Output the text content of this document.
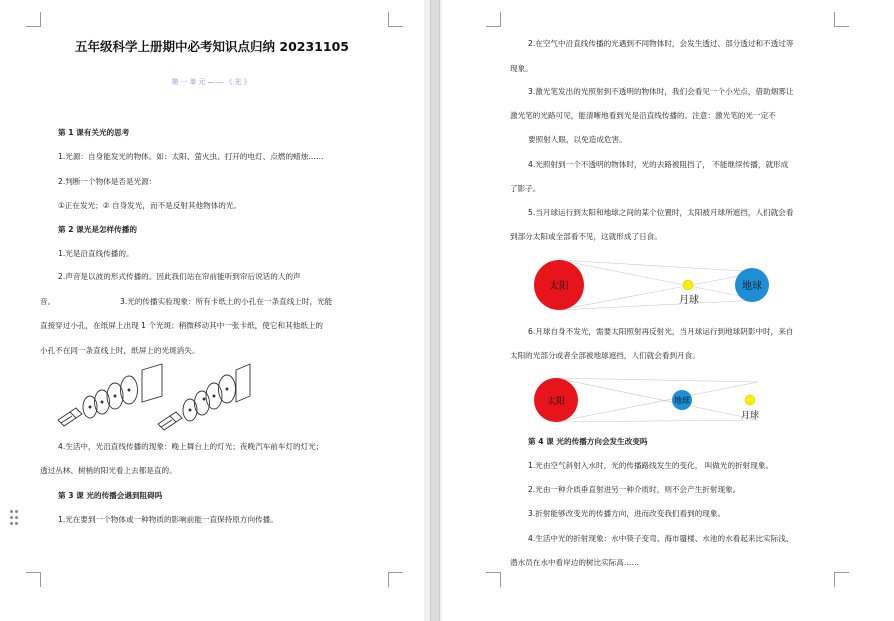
五年级科学上册期中必考知识点归纳 20231105
第一单元——《光》
第 1 课有关光的思考
1.光源：自身能发光的物体。如：太阳、萤火虫、打开的电灯、点燃的蜡烛……
2.判断一个物体是否是光源：
①正在发光；② 自身发光，而不是反射其他物体的光。
第 2 课光是怎样传播的
1.光是沿直线传播的。
2.声音是以波的形式传播的。因此我们站在帘前能听到帘后说话的人的声
音。	3.光的传播实验现象：所有卡纸上的小孔在一条直线上时，光能
直接穿过小孔，在纸屏上出现 1 个光斑；稍微移动其中一张卡纸，使它和其他纸上的
小孔不在同一条直线上时，纸屏上的光斑消失。
4.生活中，光沿直线传播的现象：晚上舞台上的灯光；夜晚汽车前车灯的灯光；
透过丛林、树梢的阳光看上去都是直的。
第 3 课 光的传播会遇到阻碍吗
1.光在要到一个物体或一种物质的影响前能一直保持原方向传播。
2.在空气中沿直线传播的光遇到不同物体时，会发生透过、部分透过和不透过等
现象。
3.激光笔发出的光照射到不透明的物体时，我们会看见一个小光点，借助烟雾让
激光笔的光路可见，能清晰地看到光是沿直线传播的。注意：激光笔的光一定不
要照射人眼，以免造成危害。
4.光照射到一个不透明的物体时，光的去路被阻挡了， 不能继续传播，就形成
了影子。
5.当月球运行到太阳和地球之间的某个位置时，太阳被月球所遮挡，人们就会看
到部分太阳或全部看不见，这就形成了日食。
太阳
月球
地球
6.月球自身不发光，需要太阳照射再反射光，当月球运行到地球阴影中时，来自
太阳的光部分或者全部被地球遮挡，人们就会看到月食。
太阳	地球
月球
第 4 课 光的传播方向会发生改变吗
1.光由空气斜射入水时，光的传播路线发生的变化， 叫做光的折射现象。
2.光由一种介质垂直射进另一种介质时，则不会产生折射现象。
3.折射能够改变光的传播方向，进而改变我们看到的现象。
4.生活中光的折射现象：水中筷子变弯、海市蜃楼、水池的水看起来比实际浅、
潜水员在水中看岸边的树比实际高……
